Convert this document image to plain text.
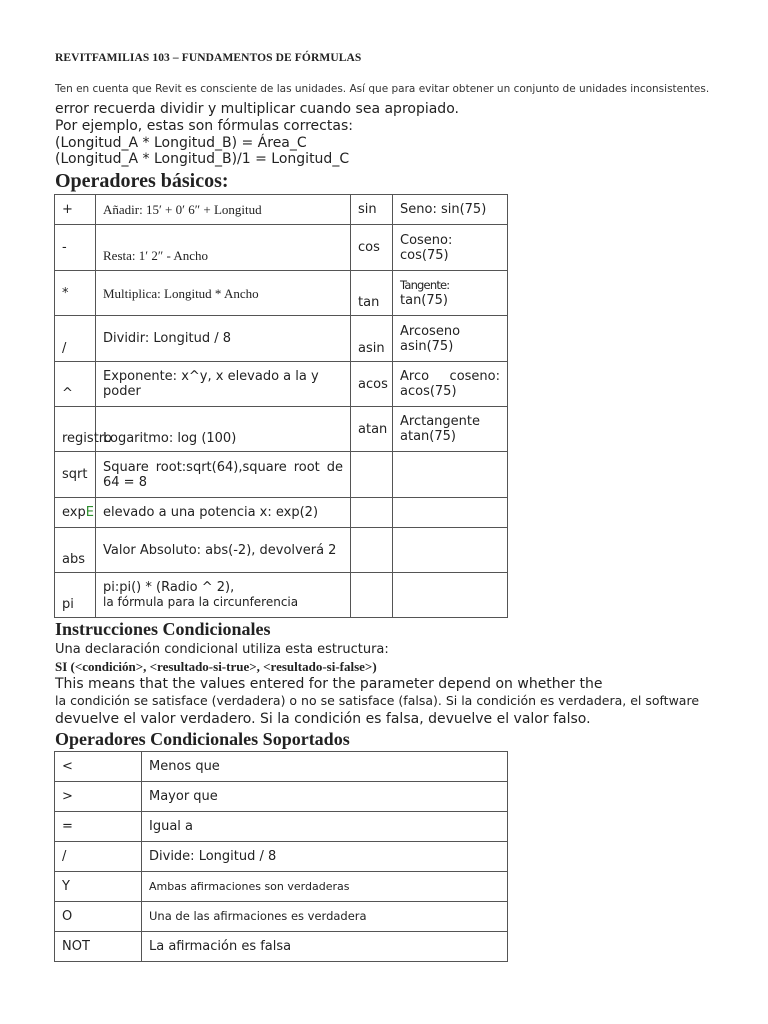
REVITFAMILIAS 103 – FUNDAMENTOS DE FÓRMULAS
Ten en cuenta que Revit es consciente de las unidades. Así que para evitar obtener un conjunto de unidades inconsistentes.
error recuerda dividir y multiplicar cuando sea apropiado.
Por ejemplo, estas son fórmulas correctas:
(Longitud_A * Longitud_B) = Área_C
(Longitud_A * Longitud_B)/1 = Longitud_C
Operadores básicos:
+	Añadir: 15′ + 0′ 6″ + Longitud	sin	Seno: sin(75)
-	Resta: 1′ 2″ - Ancho	cos	Coseno: cos(75)
*	Multiplica: Longitud * Ancho	tan	Tangente:
tan(75)

/	Dividir: Longitud / 8	asin	Arcoseno asin(75)
^	Exponente: x^y, x elevado a la y poder	acos	Arco coseno: acos(75)
registro	Logaritmo: log (100)	atan	Arctangente atan(75)
sqrt	Square root:sqrt(64),square root de 64 = 8		
expE	elevado a una potencia x: exp(2)		
abs	Valor Absoluto: abs(-2), devolverá 2		
pi	pi:pi() * (Radio ^ 2),
la fórmula para la circunferencia		

Instrucciones Condicionales
Una declaración condicional utiliza esta estructura:
SI (<condición>, <resultado-si-true>, <resultado-si-false>)
This means that the values entered for the parameter depend on whether the
la condición se satisface (verdadera) o no se satisface (falsa). Si la condición es verdadera, el software
devuelve el valor verdadero. Si la condición es falsa, devuelve el valor falso.
Operadores Condicionales Soportados
<	Menos que
>	Mayor que
=	Igual a
/	Divide: Longitud / 8
Y	Ambas afirmaciones son verdaderas
O	Una de las afirmaciones es verdadera
NOT	La afirmación es falsa
